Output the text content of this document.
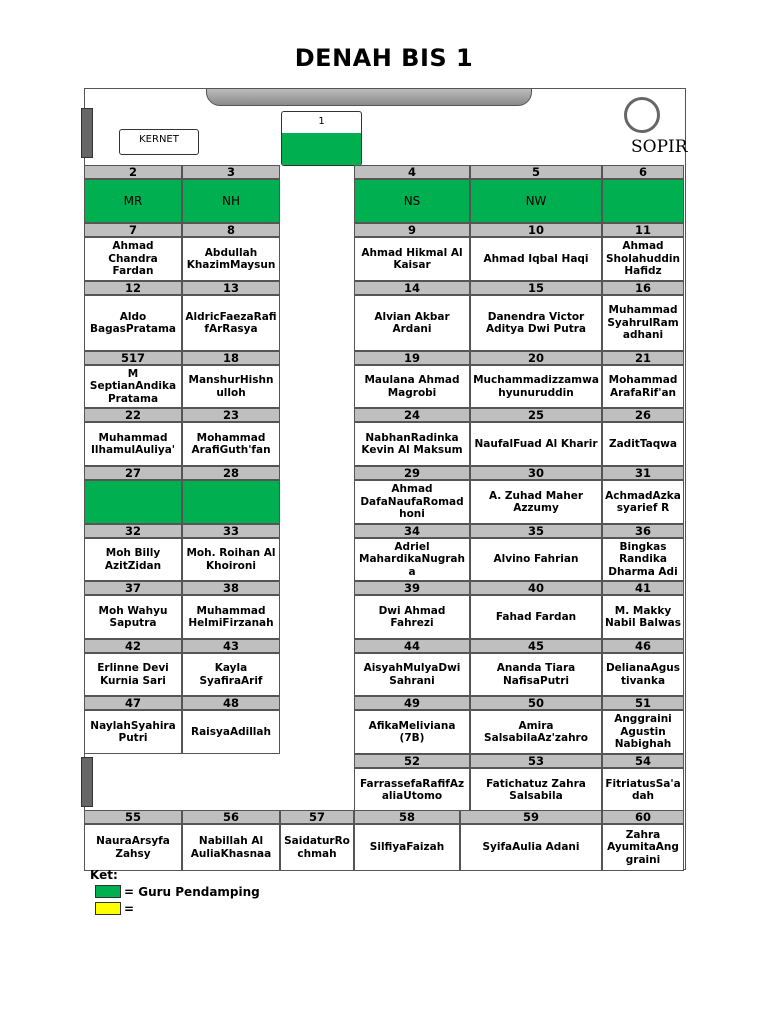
DENAH BIS 1
SOPIR
KERNET
1
2
MR
3
NH
4
NS
5
NW
6
7
Ahmad Chandra Fardan
8
Abdullah KhazimMaysun
9
Ahmad Hikmal Al Kaisar
10
Ahmad Iqbal Haqi
11
Ahmad SholahuddinHafidz
12
Aldo BagasPratama
13
AldricFaezaRafifArRasya
14
Alvian Akbar Ardani
15
Danendra Victor Aditya Dwi Putra
16
Muhammad SyahrulRamadhani
517
M SeptianAndika Pratama
18
ManshurHishnulloh
19
Maulana Ahmad Magrobi
20
Muchammadizzamwahyunuruddin
21
Mohammad ArafaRif'an
22
Muhammad IlhamulAuliya'
23
Mohammad ArafiGuth'fan
24
NabhanRadinka Kevin Al Maksum
25
NaufalFuad Al Kharir
26
ZaditTaqwa
27	28	29
Ahmad DafaNaufaRomadhoni
30
A. Zuhad Maher Azzumy
31
AchmadAzkasyarief R
32
Moh Billy AzitZidan
33
Moh. Roihan Al Khoironi
34
Adriel MahardikaNugraha
35
Alvino Fahrian
36
Bingkas Randika Dharma Adi
37
Moh Wahyu Saputra
38
Muhammad HelmiFirzanah
39
Dwi Ahmad Fahrezi
40
Fahad Fardan
41
M. Makky Nabil Balwas
42
Erlinne Devi Kurnia Sari
43
Kayla SyafiraArif
44
AisyahMulyaDwi Sahrani
45
Ananda Tiara NafisaPutri
46
DelianaAgustivanka
47
NaylahSyahira Putri
48
RaisyaAdillah
49
AfikaMeliviana (7B)
50
Amira SalsabilaAz'zahro
51
Anggraini Agustin Nabighah
52
FarrassefaRafifAzaliaUtomo
53
Fatichatuz Zahra Salsabila
54
FitriatusSa'adah
55
NauraArsyfa Zahsy
56
Nabillah Al AuliaKhasnaa
57
SaidaturRochmah
58
SilfiyaFaizah
59
SyifaAulia Adani
60
Zahra AyumitaAnggraini
Ket:
= Guru Pendamping
=
